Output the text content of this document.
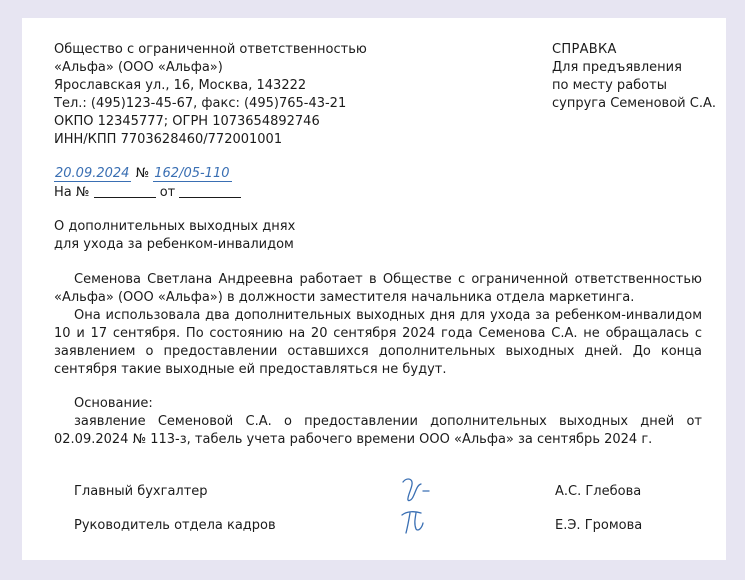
Общество с ограниченной ответственностью
«Альфа» (ООО «Альфа»)
Ярославская ул., 16, Москва, 143222
Тел.: (495)123-45-67, факс: (495)765-43-21
ОКПО 12345777; ОГРН 1073654892746
ИНН/КПП 7703628460/772001001
СПРАВКА
Для предъявления
по месту работы
супруга Семеновой С.А.
20.09.2024 № 162/05-110
На №	от
О дополнительных выходных днях
для ухода за ребенком-инвалидом

Семенова Светлана Андреевна работает в Обществе с ограниченной ответственностью «Альфа» (ООО «Альфа») в должности заместителя начальника отдела маркетинга.

Она использовала два дополнительных выходных дня для ухода за ребенком-инвалидом 10 и 17 сентября. По состоянию на 20 сентября 2024 года Семенова С.А. не обращалась с заявлением о предоставлении оставшихся дополнительных выходных дней. До конца сентября такие выходные ей предоставляться не будут.

Основание:

заявление Семеновой С.А. о предоставлении дополнительных выходных дней от 02.09.2024 № 113-з, табель учета рабочего времени ООО «Альфа» за сентябрь 2024 г.

Главный бухгалтер	А.С. Глебова
Руководитель отдела кадров	Е.Э. Громова
